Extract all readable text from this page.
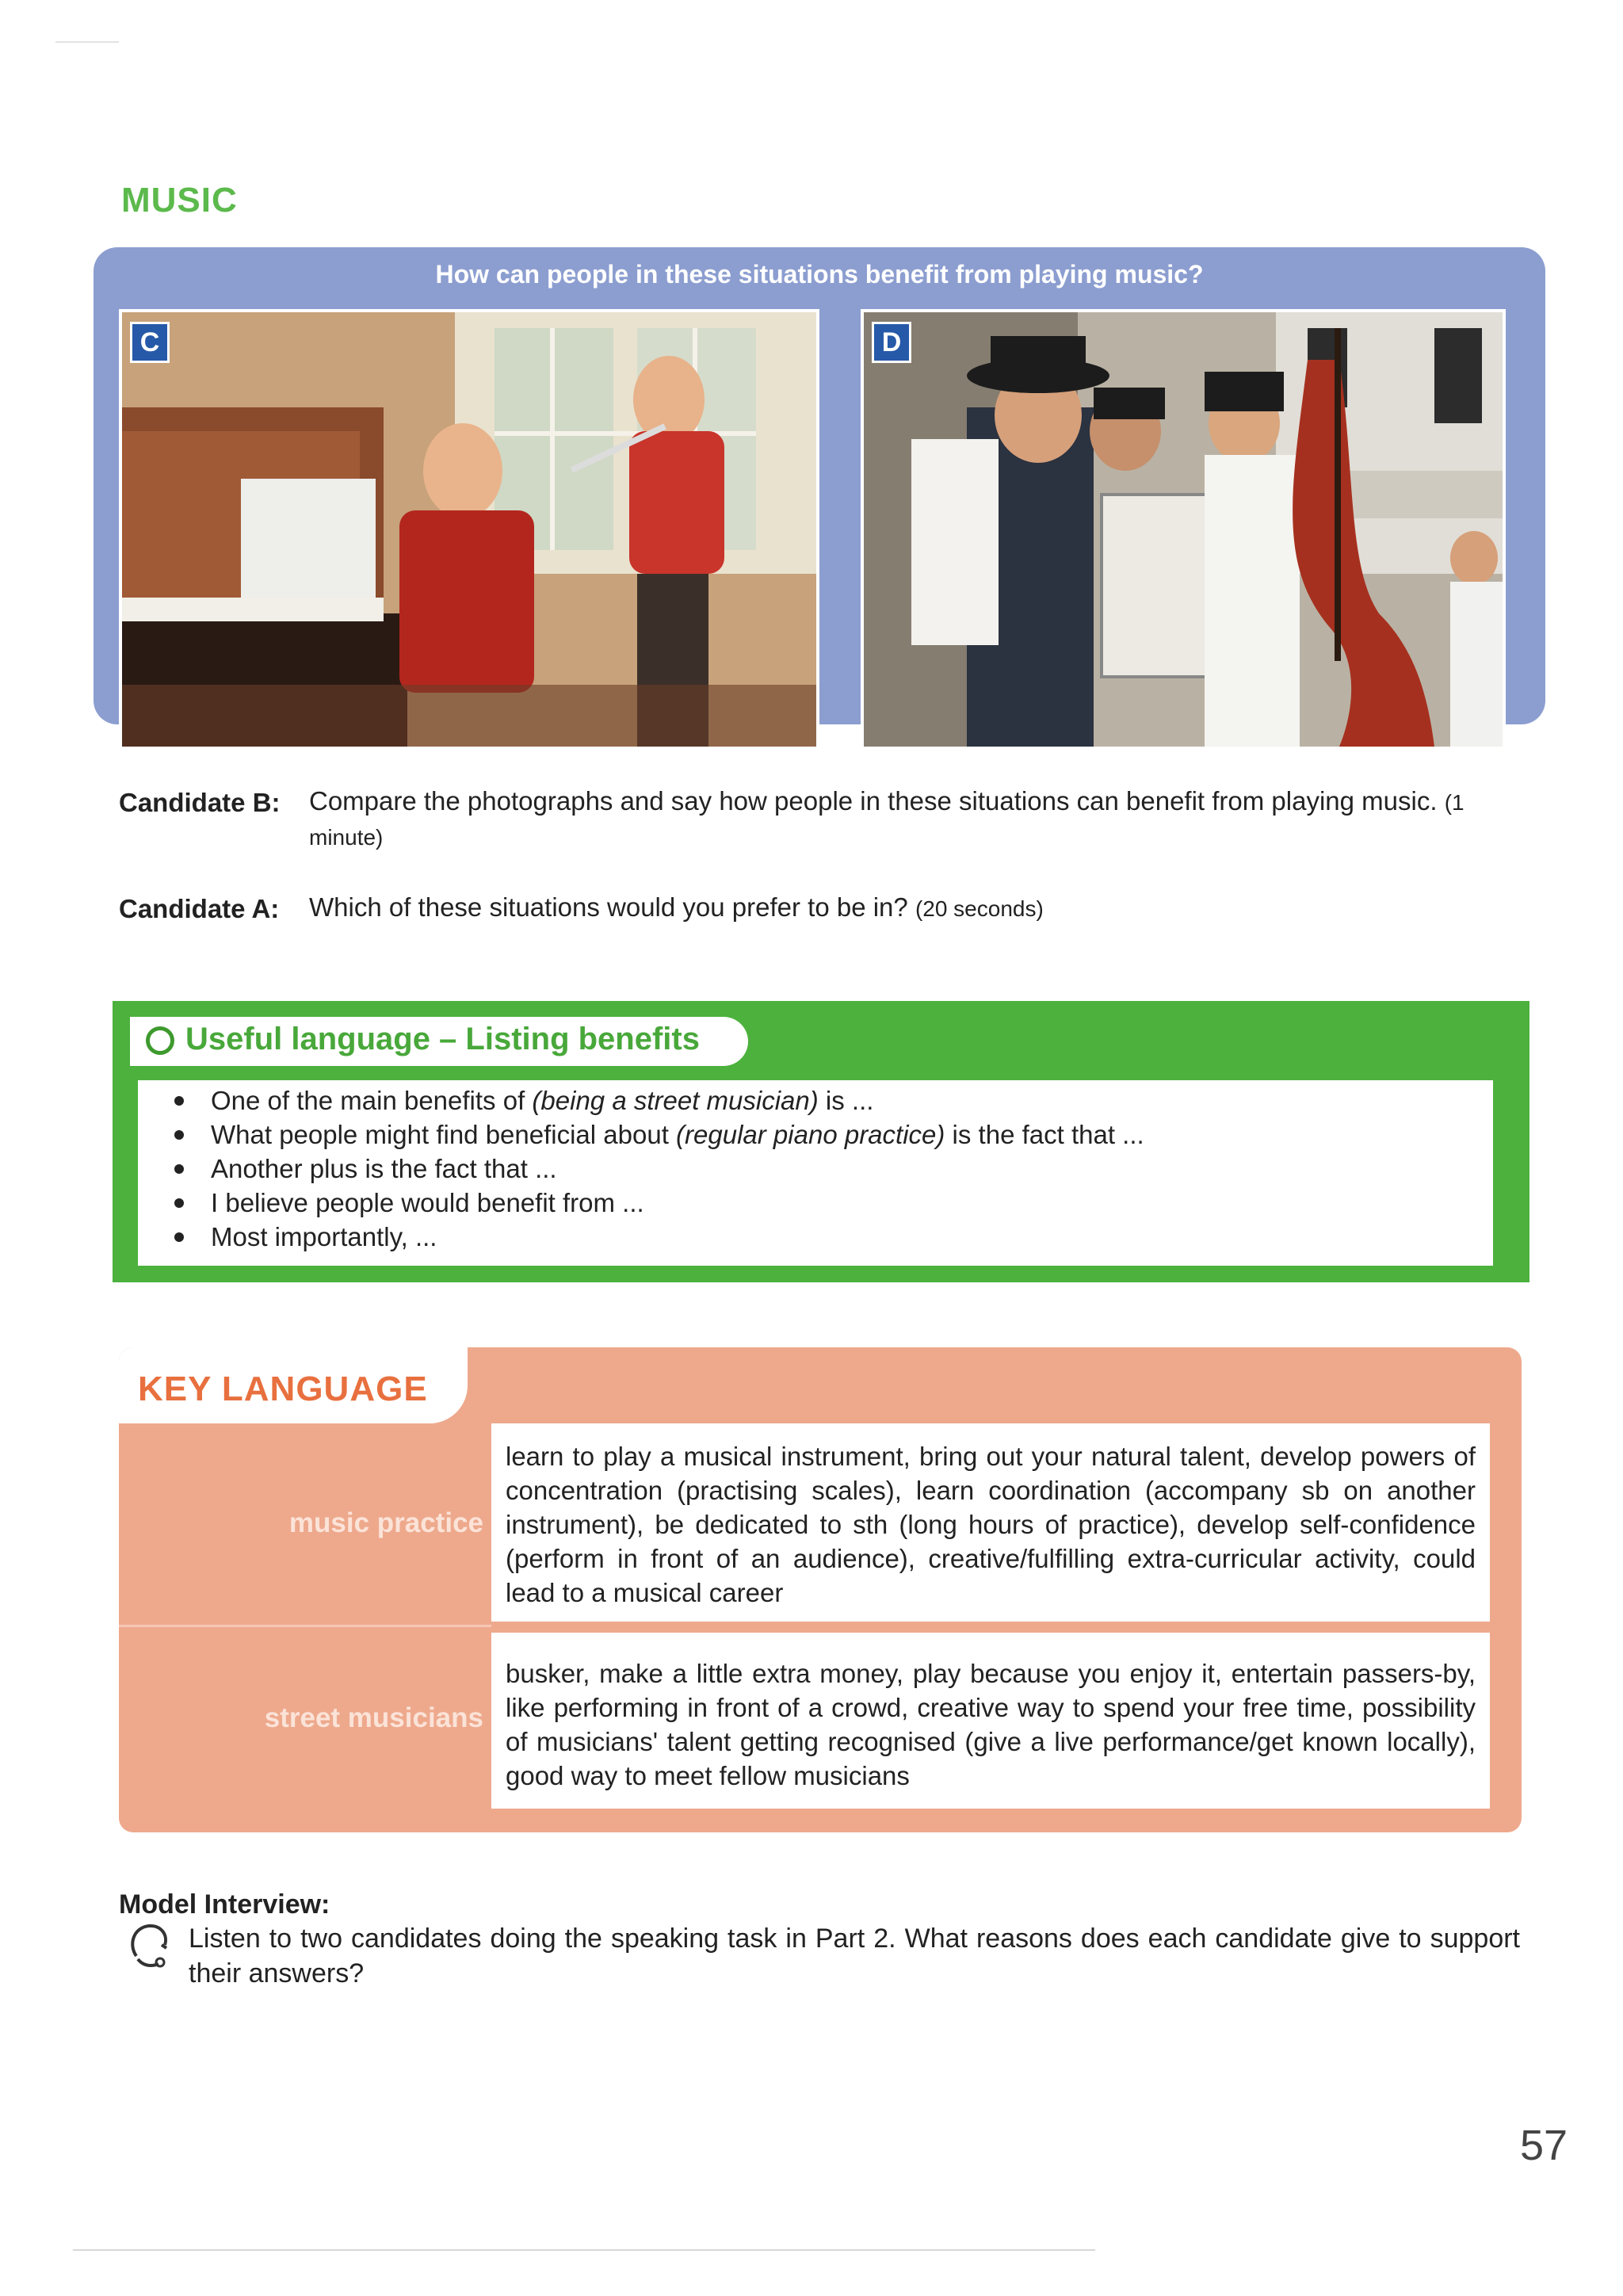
MUSIC
How can people in these situations benefit from playing music?
C	D
Candidate B: Compare the photographs and say how people in these situations can benefit from playing music. (1 minute)
Candidate A: Which of these situations would you prefer to be in? (20 seconds)
Useful language – Listing benefits
One of the main benefits of (being a street musician) is ...
What people might find beneficial about (regular piano practice) is the fact that ...
Another plus is the fact that ...
I believe people would benefit from ...
Most importantly, ...
KEY LANGUAGE
music practice

learn to play a musical instrument, bring out your natural talent, develop powers of concentration (practising scales), learn coordination (accompany sb on another instrument), be dedicated to sth (long hours of practice), develop self-confidence (perform in front of an audience), creative/fulfilling extra-curricular activity, could lead to a musical career

street musicians

busker, make a little extra money, play because you enjoy it, entertain passers-by, like performing in front of a crowd, creative way to spend your free time, possibility of musicians' talent getting recognised (give a live performance/get known locally), good way to meet fellow musicians

Model Interview:
Listen to two candidates doing the speaking task in Part 2. What reasons does each candidate give to support their answers?
57
